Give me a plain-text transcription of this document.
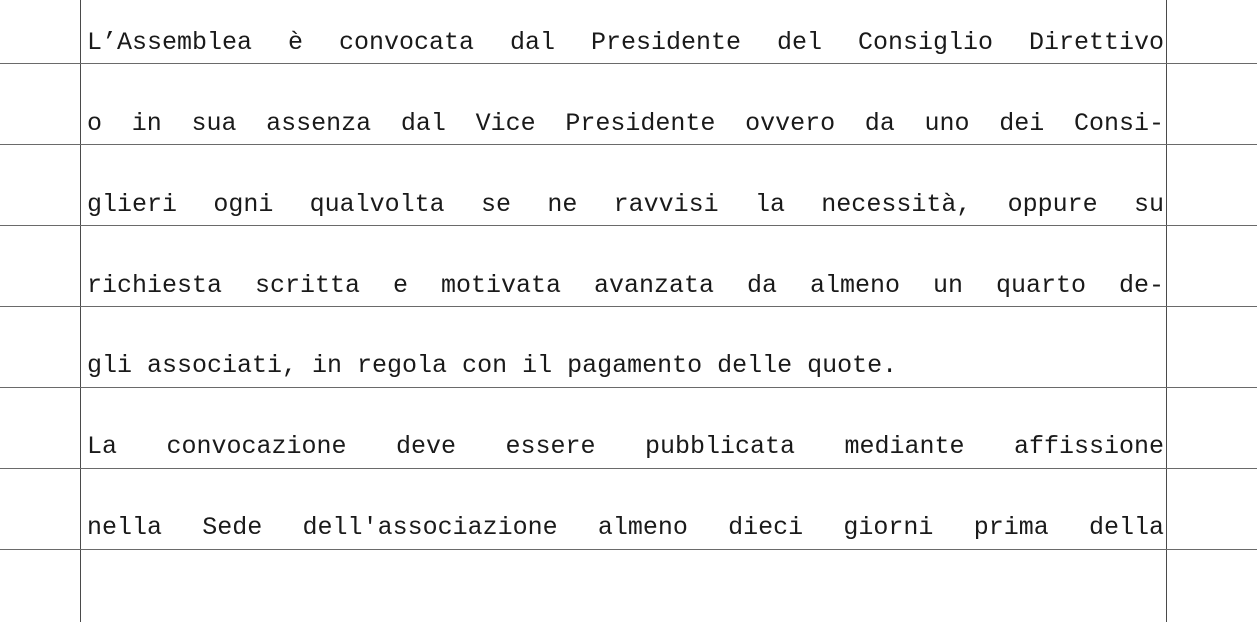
L’Assemblea è convocata dal Presidente del Consiglio Direttivo
o in sua assenza dal Vice Presidente ovvero da uno dei Consi-
glieri ogni qualvolta se ne ravvisi la necessità, oppure su
richiesta scritta e motivata avanzata da almeno un quarto de-
gli associati, in regola con il pagamento delle quote.
La convocazione deve essere pubblicata mediante affissione
nella Sede dell'associazione almeno dieci giorni prima della
